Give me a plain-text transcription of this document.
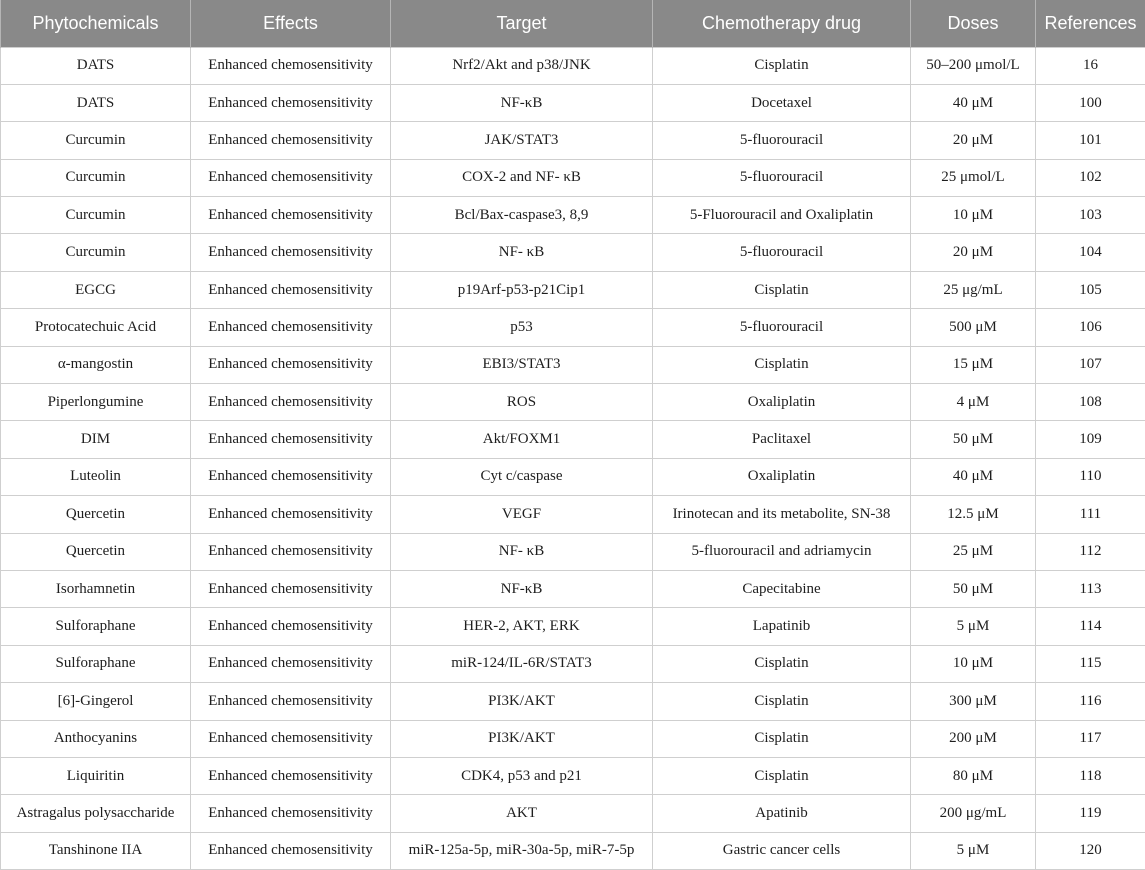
Phytochemicals	Effects	Target	Chemotherapy drug	Doses	References
DATS	Enhanced chemosensitivity	Nrf2/Akt and p38/JNK	Cisplatin	50–200 μmol/L	16
DATS	Enhanced chemosensitivity	NF-κB	Docetaxel	40 μM	100
Curcumin	Enhanced chemosensitivity	JAK/STAT3	5-fluorouracil	20 μM	101
Curcumin	Enhanced chemosensitivity	COX-2 and NF- κB	5-fluorouracil	25 μmol/L	102
Curcumin	Enhanced chemosensitivity	Bcl/Bax-caspase3, 8,9	5-Fluorouracil and Oxaliplatin	10 μM	103
Curcumin	Enhanced chemosensitivity	NF- κB	5-fluorouracil	20 μM	104
EGCG	Enhanced chemosensitivity	p19Arf-p53-p21Cip1	Cisplatin	25 μg/mL	105
Protocatechuic Acid	Enhanced chemosensitivity	p53	5-fluorouracil	500 μM	106
α-mangostin	Enhanced chemosensitivity	EBI3/STAT3	Cisplatin	15 μM	107
Piperlongumine	Enhanced chemosensitivity	ROS	Oxaliplatin	4 μM	108
DIM	Enhanced chemosensitivity	Akt/FOXM1	Paclitaxel	50 μM	109
Luteolin	Enhanced chemosensitivity	Cyt c/caspase	Oxaliplatin	40 μM	110
Quercetin	Enhanced chemosensitivity	VEGF	Irinotecan and its metabolite, SN-38	12.5 μM	111
Quercetin	Enhanced chemosensitivity	NF- κB	5-fluorouracil and adriamycin	25 μM	112
Isorhamnetin	Enhanced chemosensitivity	NF-κB	Capecitabine	50 μM	113
Sulforaphane	Enhanced chemosensitivity	HER-2, AKT, ERK	Lapatinib	5 μM	114
Sulforaphane	Enhanced chemosensitivity	miR-124/IL-6R/STAT3	Cisplatin	10 μM	115
[6]-Gingerol	Enhanced chemosensitivity	PI3K/AKT	Cisplatin	300 μM	116
Anthocyanins	Enhanced chemosensitivity	PI3K/AKT	Cisplatin	200 μM	117
Liquiritin	Enhanced chemosensitivity	CDK4, p53 and p21	Cisplatin	80 μM	118
Astragalus polysaccharide	Enhanced chemosensitivity	AKT	Apatinib	200 μg/mL	119
Tanshinone IIA	Enhanced chemosensitivity	miR-125a-5p, miR-30a-5p, miR-7-5p	Gastric cancer cells	5 μM	120
